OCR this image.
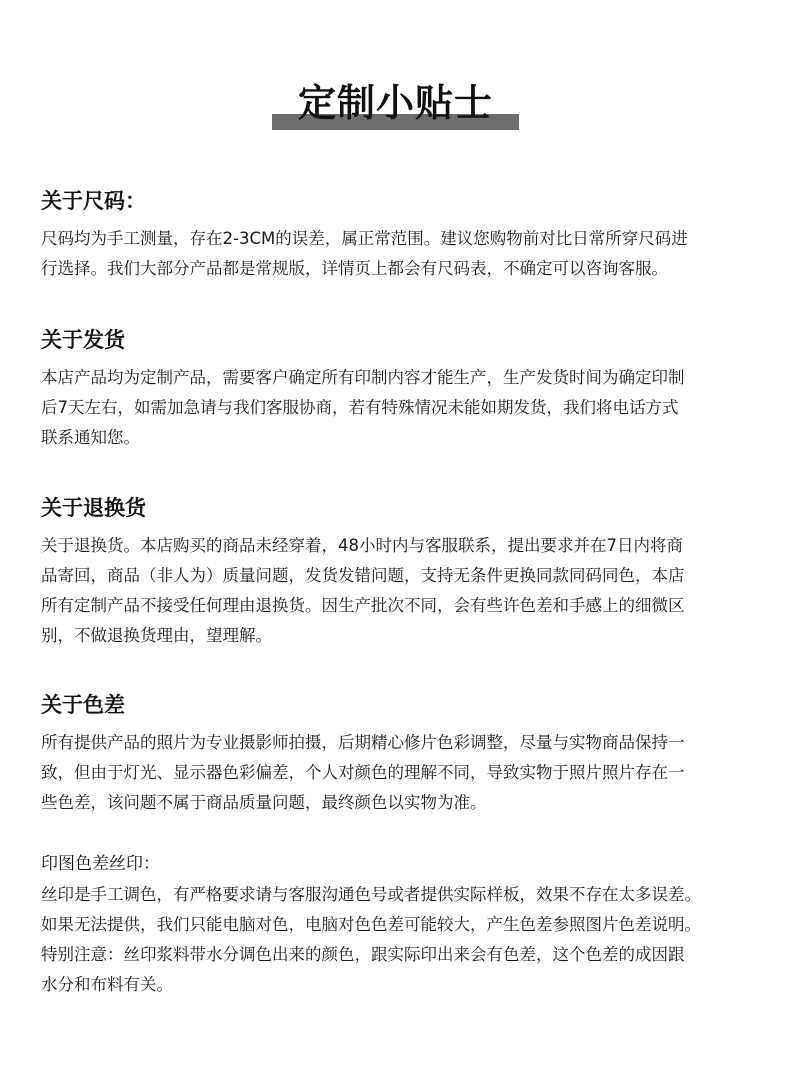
定制小贴士
关于尺码：

尺码均为手工测量，存在2-3CM的误差，属正常范围。建议您购物前对比日常所穿尺码进
行选择。我们大部分产品都是常规版，详情页上都会有尺码表，不确定可以咨询客服。

关于发货

本店产品均为定制产品，需要客户确定所有印制内容才能生产，生产发货时间为确定印制
后7天左右，如需加急请与我们客服协商，若有特殊情况未能如期发货，我们将电话方式
联系通知您。

关于退换货

关于退换货。本店购买的商品未经穿着，48小时内与客服联系，提出要求并在7日内将商
品寄回，商品（非人为）质量问题，发货发错问题，支持无条件更换同款同码同色，本店
所有定制产品不接受任何理由退换货。因生产批次不同，会有些许色差和手感上的细微区
别，不做退换货理由，望理解。

关于色差

所有提供产品的照片为专业摄影师拍摄，后期精心修片色彩调整，尽量与实物商品保持一
致，但由于灯光、显示器色彩偏差，个人对颜色的理解不同，导致实物于照片照片存在一
些色差，该问题不属于商品质量问题，最终颜色以实物为准。

印图色差丝印：

丝印是手工调色，有严格要求请与客服沟通色号或者提供实际样板，效果不存在太多误差。
如果无法提供，我们只能电脑对色，电脑对色色差可能较大，产生色差参照图片色差说明。
特别注意：丝印浆料带水分调色出来的颜色，跟实际印出来会有色差，这个色差的成因跟
水分和布料有关。
